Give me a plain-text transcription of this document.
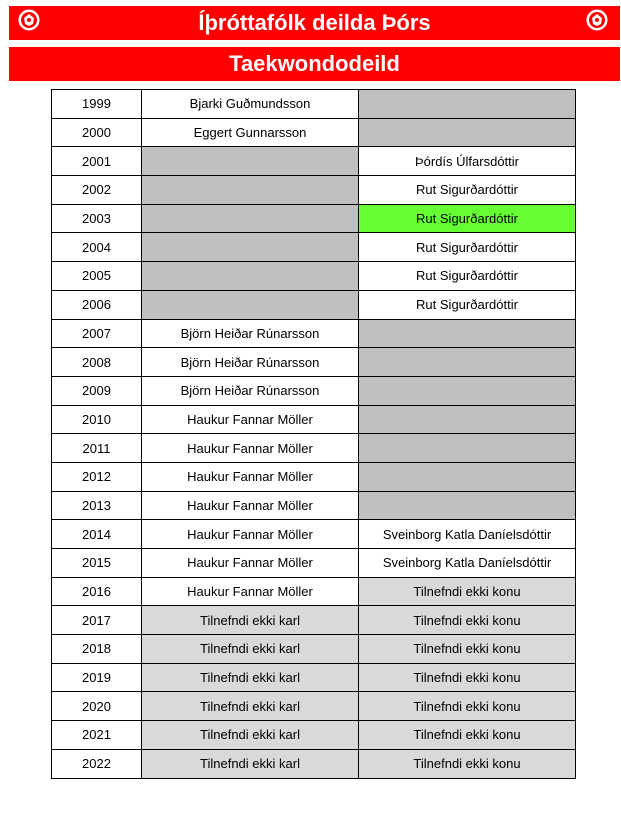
Íþróttafólk deilda Þórs
Taekwondodeild
1999	Bjarki Guðmundsson	
2000	Eggert Gunnarsson	
2001		Þórdís Úlfarsdóttir
2002		Rut Sigurðardóttir
2003		Rut Sigurðardóttir
2004		Rut Sigurðardóttir
2005		Rut Sigurðardóttir
2006		Rut Sigurðardóttir
2007	Björn Heiðar Rúnarsson	
2008	Björn Heiðar Rúnarsson	
2009	Björn Heiðar Rúnarsson	
2010	Haukur Fannar Möller	
2011	Haukur Fannar Möller	
2012	Haukur Fannar Möller	
2013	Haukur Fannar Möller	
2014	Haukur Fannar Möller	Sveinborg Katla Daníelsdóttir
2015	Haukur Fannar Möller	Sveinborg Katla Daníelsdóttir
2016	Haukur Fannar Möller	Tilnefndi ekki konu
2017	Tilnefndi ekki karl	Tilnefndi ekki konu
2018	Tilnefndi ekki karl	Tilnefndi ekki konu
2019	Tilnefndi ekki karl	Tilnefndi ekki konu
2020	Tilnefndi ekki karl	Tilnefndi ekki konu
2021	Tilnefndi ekki karl	Tilnefndi ekki konu
2022	Tilnefndi ekki karl	Tilnefndi ekki konu
